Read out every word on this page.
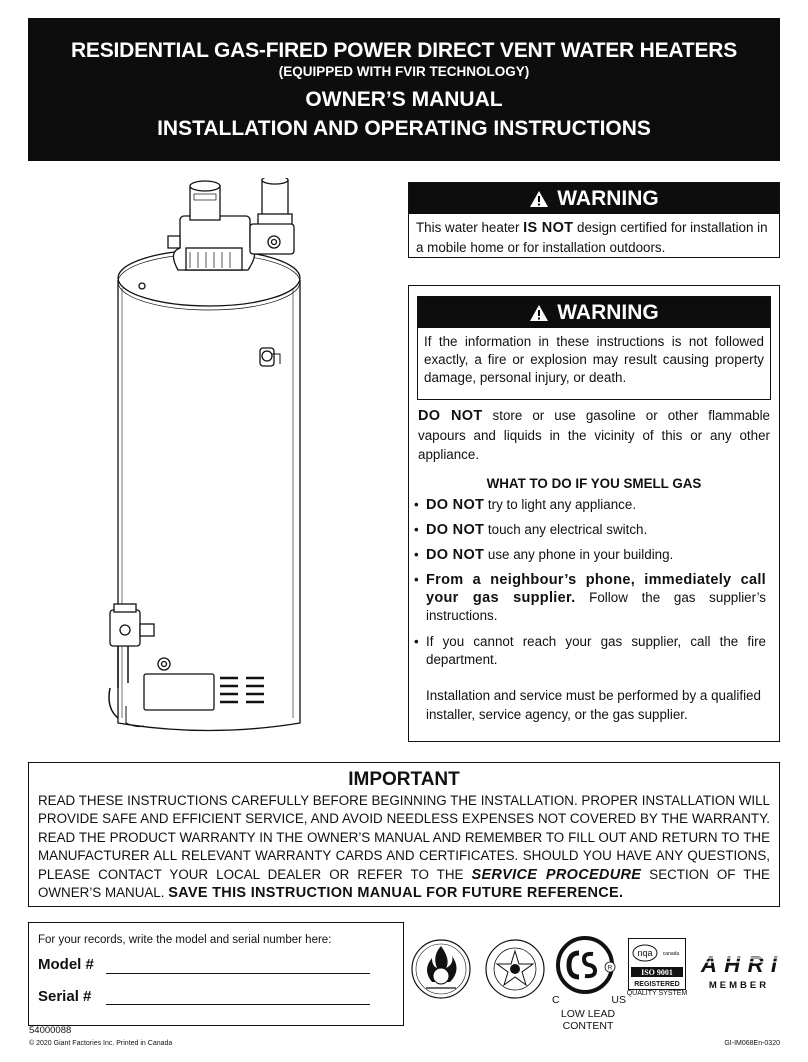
RESIDENTIAL GAS-FIRED POWER DIRECT VENT WATER HEATERS
(EQUIPPED WITH FVIR TECHNOLOGY)
OWNER’S MANUAL
INSTALLATION AND OPERATING INSTRUCTIONS
WARNING
This water heater IS NOT design certified for installation in a mobile home or for installation outdoors.
WARNING
If the information in these instructions is not followed exactly, a fire or explosion may result causing property damage, personal injury, or death.
DO NOT store or use gasoline or other flammable vapours and liquids in the vicinity of this or any other appliance.
WHAT TO DO IF YOU SMELL GAS
• DO NOT try to light any appliance.
• DO NOT touch any electrical switch.
• DO NOT use any phone in your building.
• From a neighbour’s phone, immediately call your gas supplier. Follow the gas supplier’s instructions.
• If you cannot reach your gas supplier, call the fire department.
Installation and service must be performed by a qualified installer, service agency, or the gas supplier.
IMPORTANT
READ THESE INSTRUCTIONS CAREFULLY BEFORE BEGINNING THE INSTALLATION. PROPER INSTALLATION WILL PROVIDE SAFE AND EFFICIENT SERVICE, AND AVOID NEEDLESS EXPENSES NOT COVERED BY THE WARRANTY. READ THE PRODUCT WARRANTY IN THE OWNER’S MANUAL AND REMEMBER TO FILL OUT AND RETURN TO THE MANUFACTURER ALL RELEVANT WARRANTY CARDS AND CERTIFICATES. SHOULD YOU HAVE ANY QUESTIONS, PLEASE CONTACT YOUR LOCAL DEALER OR REFER TO THE SERVICE PROCEDURE SECTION OF THE OWNER’S MANUAL. SAVE THIS INSTRUCTION MANUAL FOR FUTURE REFERENCE.
For your records, write the model and serial number here:
Model #
Serial #
R
C	US
LOW LEAD
CONTENT
nqa canada
ISO 9001
REGISTERED
QUALITY SYSTEM
AHRI
MEMBER
54000088
© 2020 Giant Factories Inc. Printed in Canada	GI-IM068En-0320
